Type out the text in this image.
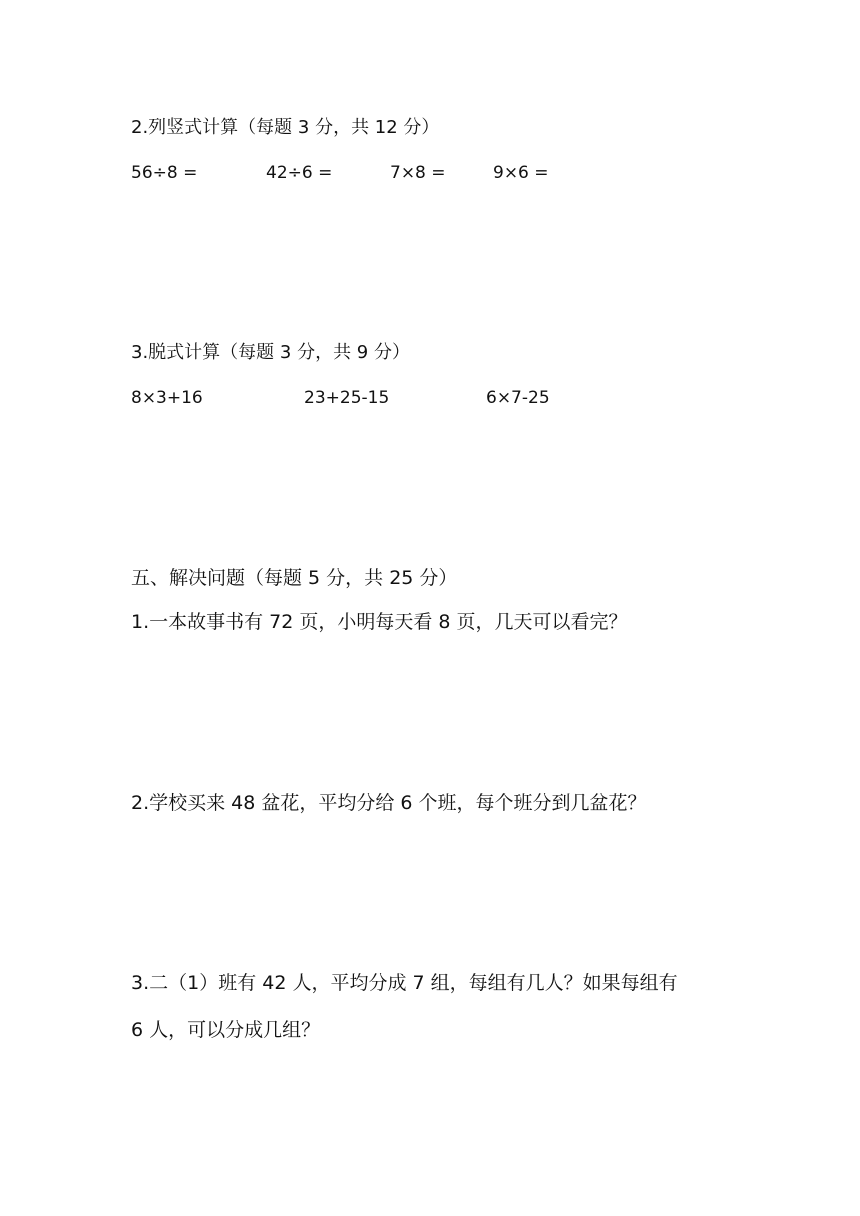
2.列竖式计算（每题 3 分，共 12 分）
56÷8 =	42÷6 =	7×8 =	9×6 =
3.脱式计算（每题 3 分，共 9 分）
8×3+16	23+25-15	6×7-25
五、解决问题（每题 5 分，共 25 分）
1.一本故事书有 72 页，小明每天看 8 页，几天可以看完？
2.学校买来 48 盆花，平均分给 6 个班，每个班分到几盆花？
3.二（1）班有 42 人，平均分成 7 组，每组有几人？如果每组有
6 人，可以分成几组？
